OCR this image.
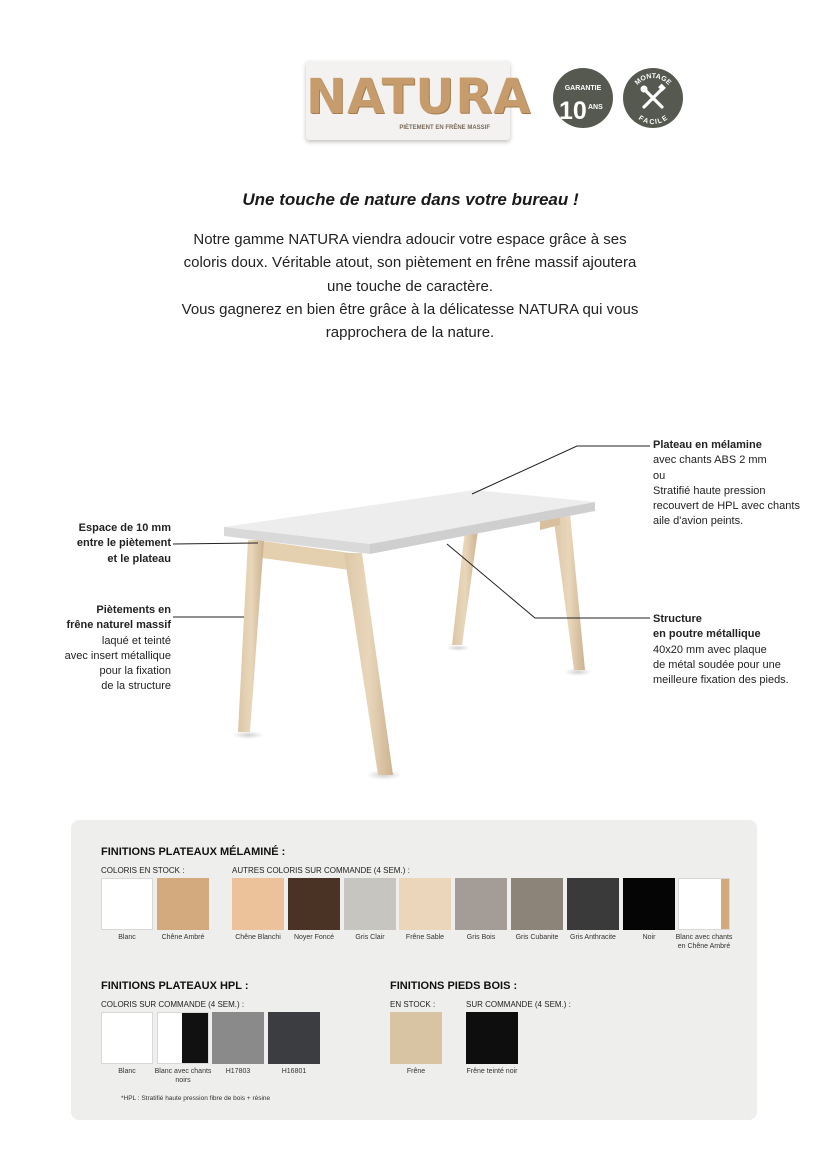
NATURA
PIÈTEMENT EN FRÊNE MASSIF
GARANTIE
10 ANS
MONTAGE
FACILE
Une touche de nature dans votre bureau !
Notre gamme NATURA viendra adoucir votre espace grâce à ses
coloris doux. Véritable atout, son piètement en frêne massif ajoutera
une touche de caractère.
Vous gagnerez en bien être grâce à la délicatesse NATURA qui vous
rapprochera de la nature.
Plateau en mélamine
avec chants ABS 2 mm
ou
Stratifié haute pression
recouvert de HPL avec chants
aile d'avion peints.
Espace de 10 mm
entre le piètement
et le plateau
Piètements en
frêne naturel massif
laqué et teinté
avec insert métallique
pour la fixation
de la structure
Structure
en poutre métallique
40x20 mm avec plaque
de métal soudée pour une
meilleure fixation des pieds.
FINITIONS PLATEAUX MÉLAMINÉ :
COLORIS EN STOCK :	AUTRES COLORIS SUR COMMANDE (4 SEM.) :
Blanc	Chêne Ambré	Chêne Blanchi	Noyer Foncé	Gris Clair	Frêne Sable	Gris Bois	Gris Cubanite	Gris Anthracite	Noir	Blanc avec chants en Chêne Ambré
FINITIONS PLATEAUX HPL :
COLORIS SUR COMMANDE (4 SEM.) :
Blanc	Blanc avec chants noirs
H17803	H16801
*HPL : Stratifié haute pression fibre de bois + résine
FINITIONS PIEDS BOIS :
EN STOCK :	SUR COMMANDE (4 SEM.) :
Frêne	Frêne teinté noir
